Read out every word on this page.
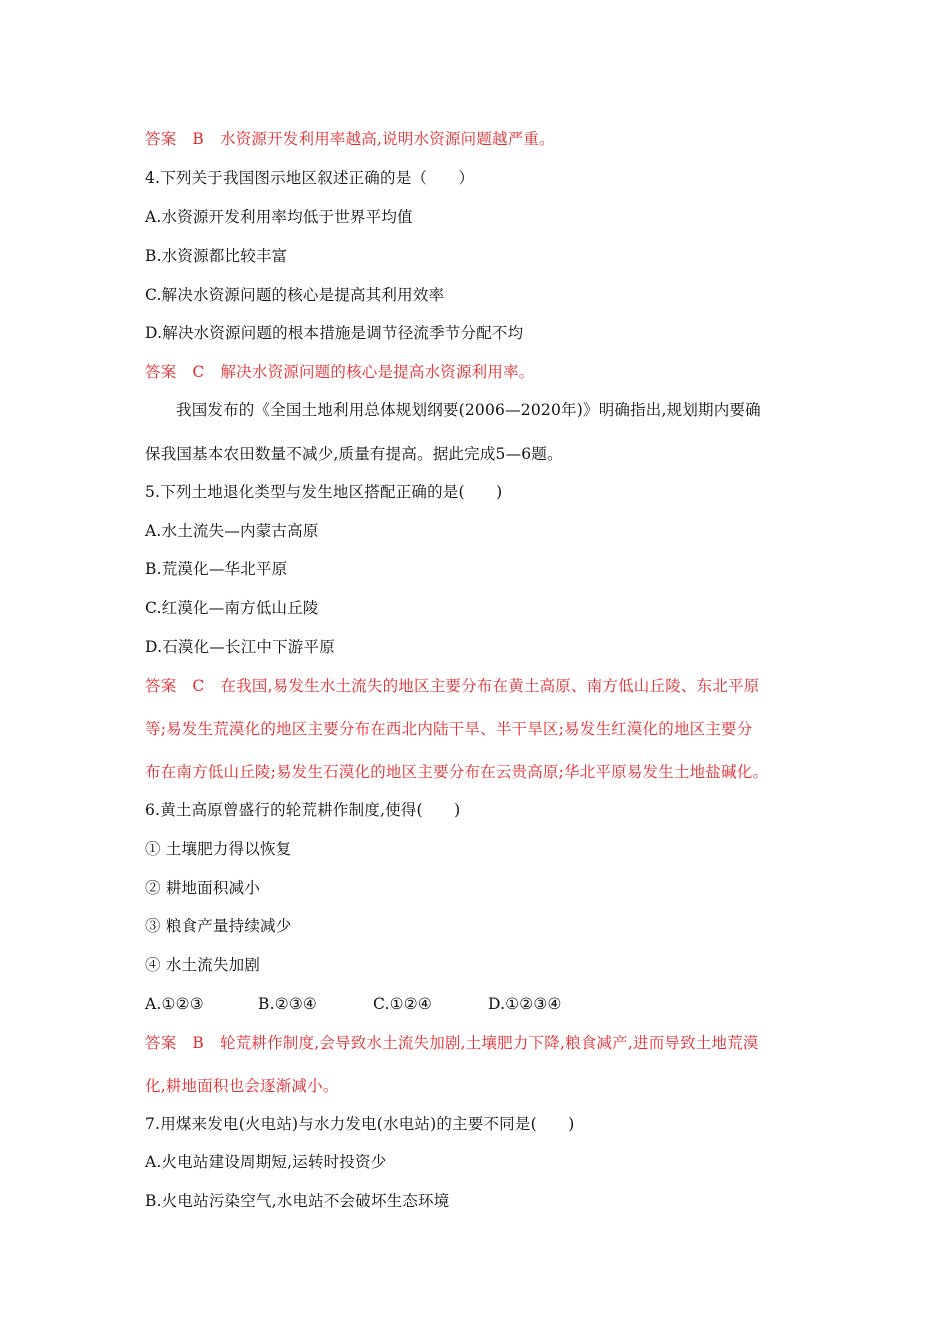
答案 B 水资源开发利用率越高,说明水资源问题越严重。
4.下列关于我国图示地区叙述正确的是（　　）
A.水资源开发利用率均低于世界平均值
B.水资源都比较丰富
C.解决水资源问题的核心是提高其利用效率
D.解决水资源问题的根本措施是调节径流季节分配不均
答案 C 解决水资源问题的核心是提高水资源利用率。
我国发布的《全国土地利用总体规划纲要(2006—2020年)》明确指出,规划期内要确
保我国基本农田数量不减少,质量有提高。据此完成5—6题。
5.下列土地退化类型与发生地区搭配正确的是(　　)
A.水土流失—内蒙古高原
B.荒漠化—华北平原
C.红漠化—南方低山丘陵
D.石漠化—长江中下游平原
答案 C 在我国,易发生水土流失的地区主要分布在黄土高原、南方低山丘陵、东北平原
等;易发生荒漠化的地区主要分布在西北内陆干旱、半干旱区;易发生红漠化的地区主要分
布在南方低山丘陵;易发生石漠化的地区主要分布在云贵高原;华北平原易发生土地盐碱化。
6.黄土高原曾盛行的轮荒耕作制度,使得(　　)
① 土壤肥力得以恢复
② 耕地面积减小
③ 粮食产量持续减少
④ 水土流失加剧
A.①②③	B.②③④	C.①②④	D.①②③④
答案 B 轮荒耕作制度,会导致水土流失加剧,土壤肥力下降,粮食减产,进而导致土地荒漠
化,耕地面积也会逐渐减小。
7.用煤来发电(火电站)与水力发电(水电站)的主要不同是(　　)
A.火电站建设周期短,运转时投资少
B.火电站污染空气,水电站不会破坏生态环境
